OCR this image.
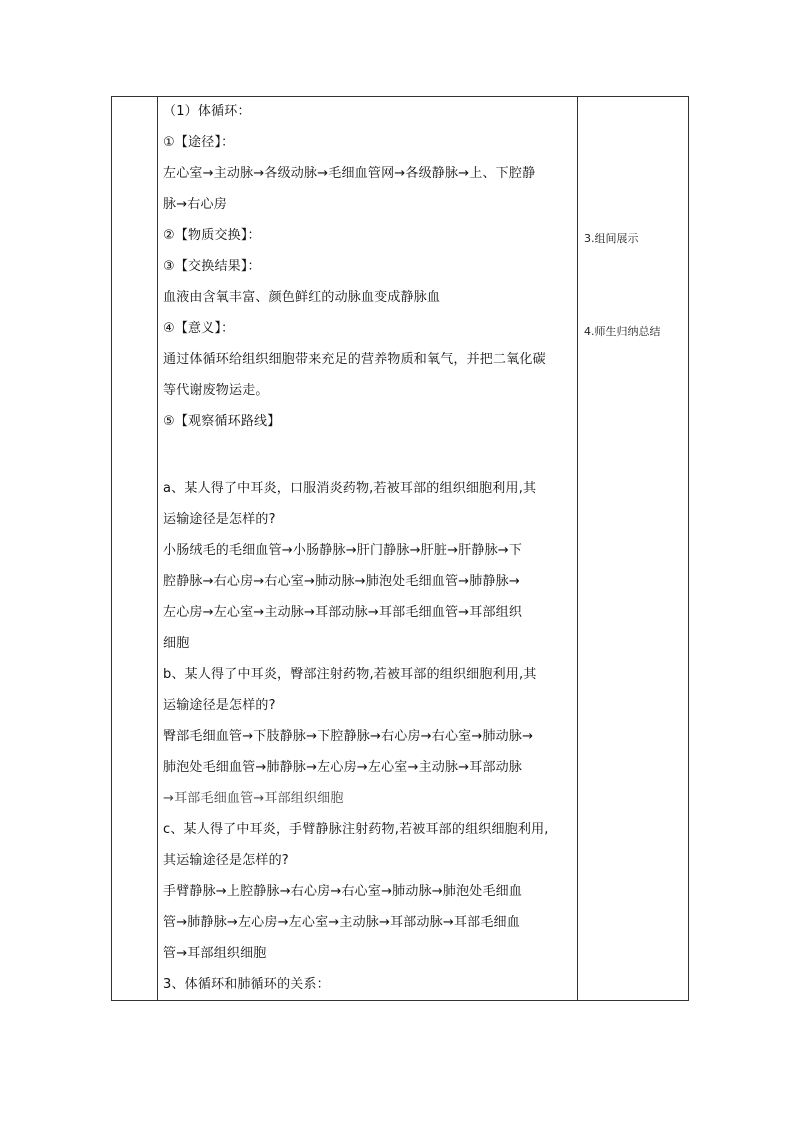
（1）体循环：
①【途径】：
左心室→主动脉→各级动脉→毛细血管网→各级静脉→上、下腔静
脉→右心房
②【物质交换】：
③【交换结果】：
血液由含氧丰富、颜色鲜红的动脉血变成静脉血
④【意义】：
通过体循环给组织细胞带来充足的营养物质和氧气，并把二氧化碳
等代谢废物运走。
⑤【观察循环路线】
a、某人得了中耳炎，口服消炎药物,若被耳部的组织细胞利用,其
运输途径是怎样的?
小肠绒毛的毛细血管→小肠静脉→肝门静脉→肝脏→肝静脉→下
腔静脉→右心房→右心室→肺动脉→肺泡处毛细血管→肺静脉→
左心房→左心室→主动脉→耳部动脉→耳部毛细血管→耳部组织
细胞
b、某人得了中耳炎，臀部注射药物,若被耳部的组织细胞利用,其
运输途径是怎样的?
臀部毛细血管→下肢静脉→下腔静脉→右心房→右心室→肺动脉→
肺泡处毛细血管→肺静脉→左心房→左心室→主动脉→耳部动脉
→耳部毛细血管→耳部组织细胞
c、某人得了中耳炎，手臂静脉注射药物,若被耳部的组织细胞利用,
其运输途径是怎样的?
手臂静脉→上腔静脉→右心房→右心室→肺动脉→肺泡处毛细血
管→肺静脉→左心房→左心室→主动脉→耳部动脉→耳部毛细血
管→耳部组织细胞
3、体循环和肺循环的关系：
3.组间展示
4.师生归纳总结
